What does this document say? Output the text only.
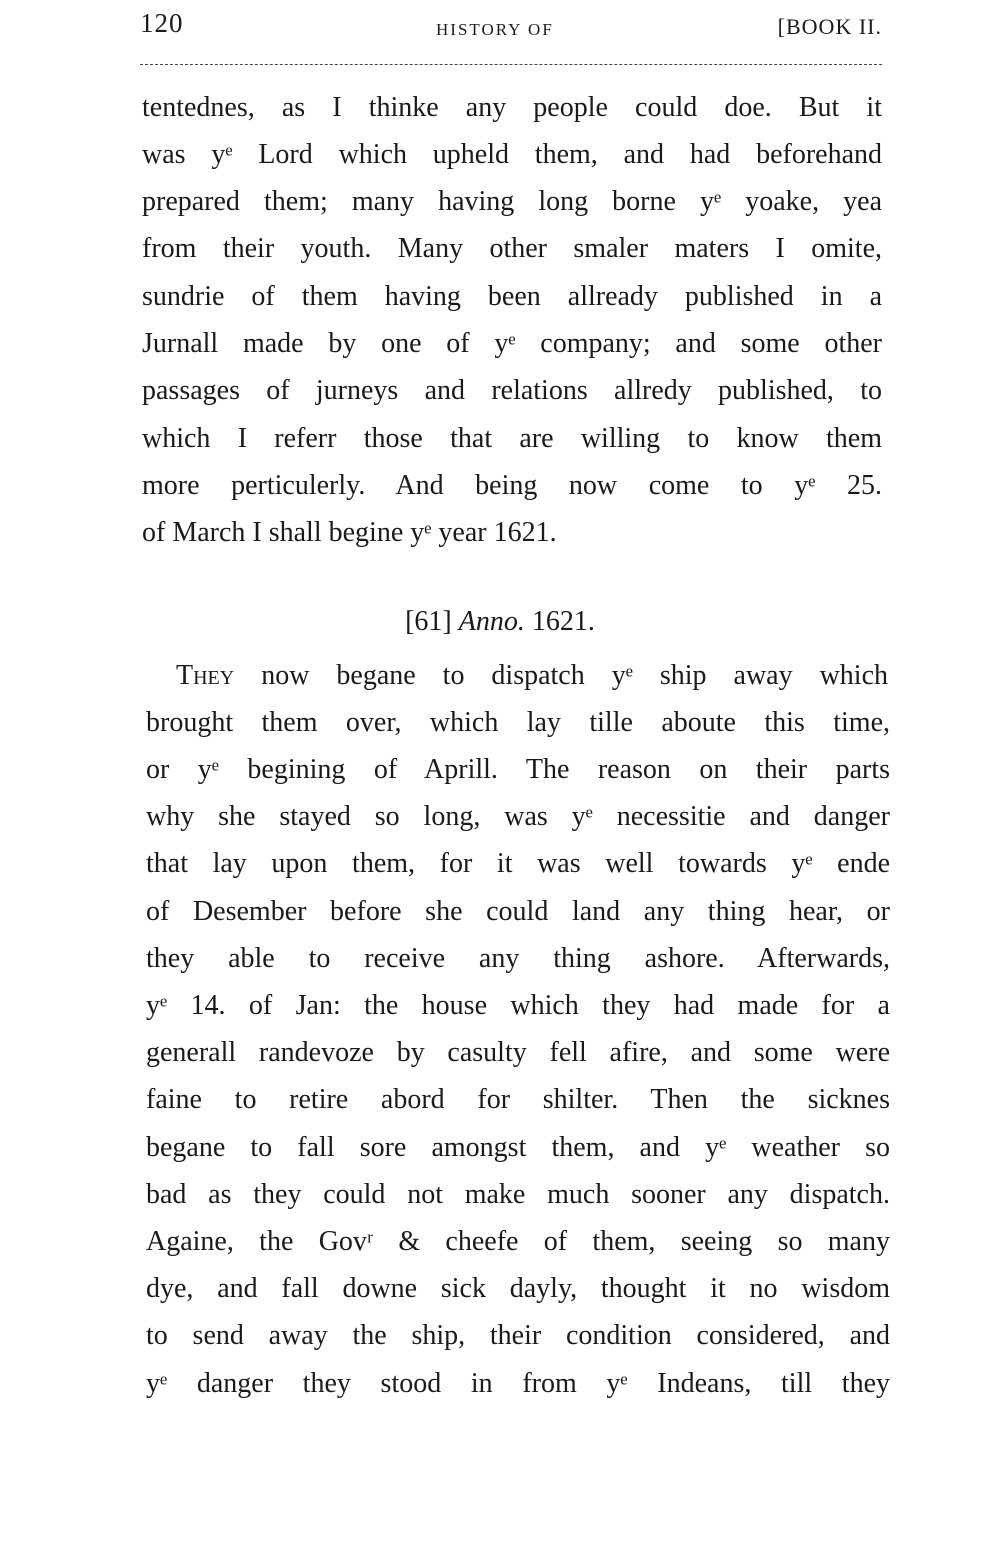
120	HISTORY OF	[BOOK II.
tentednes, as I thinke any people could doe. But it
was yᵉ Lord which upheld them, and had beforehand
prepared them; many having long borne yᵉ yoake, yea
from their youth. Many other smaler maters I omite,
sundrie of them having been allready published in a
Jurnall made by one of yᵉ company; and some other
passages of jurneys and relations allredy published, to
which I referr those that are willing to know them
more perticulerly. And being now come to yᵉ 25.
of March I shall begine yᵉ year 1621.
[61] Anno. 1621.
They now begane to dispatch yᵉ ship away which
brought them over, which lay tille aboute this time,
or yᵉ begining of Aprill. The reason on their parts
why she stayed so long, was yᵉ necessitie and danger
that lay upon them, for it was well towards yᵉ ende
of Desember before she could land any thing hear, or
they able to receive any thing ashore. Afterwards,
yᵉ 14. of Jan: the house which they had made for a
generall randevoze by casulty fell afire, and some were
faine to retire abord for shilter. Then the sicknes
begane to fall sore amongst them, and yᵉ weather so
bad as they could not make much sooner any dispatch.
Againe, the Govʳ & cheefe of them, seeing so many
dye, and fall downe sick dayly, thought it no wisdom
to send away the ship, their condition considered, and
yᵉ danger they stood in from yᵉ Indeans, till they
